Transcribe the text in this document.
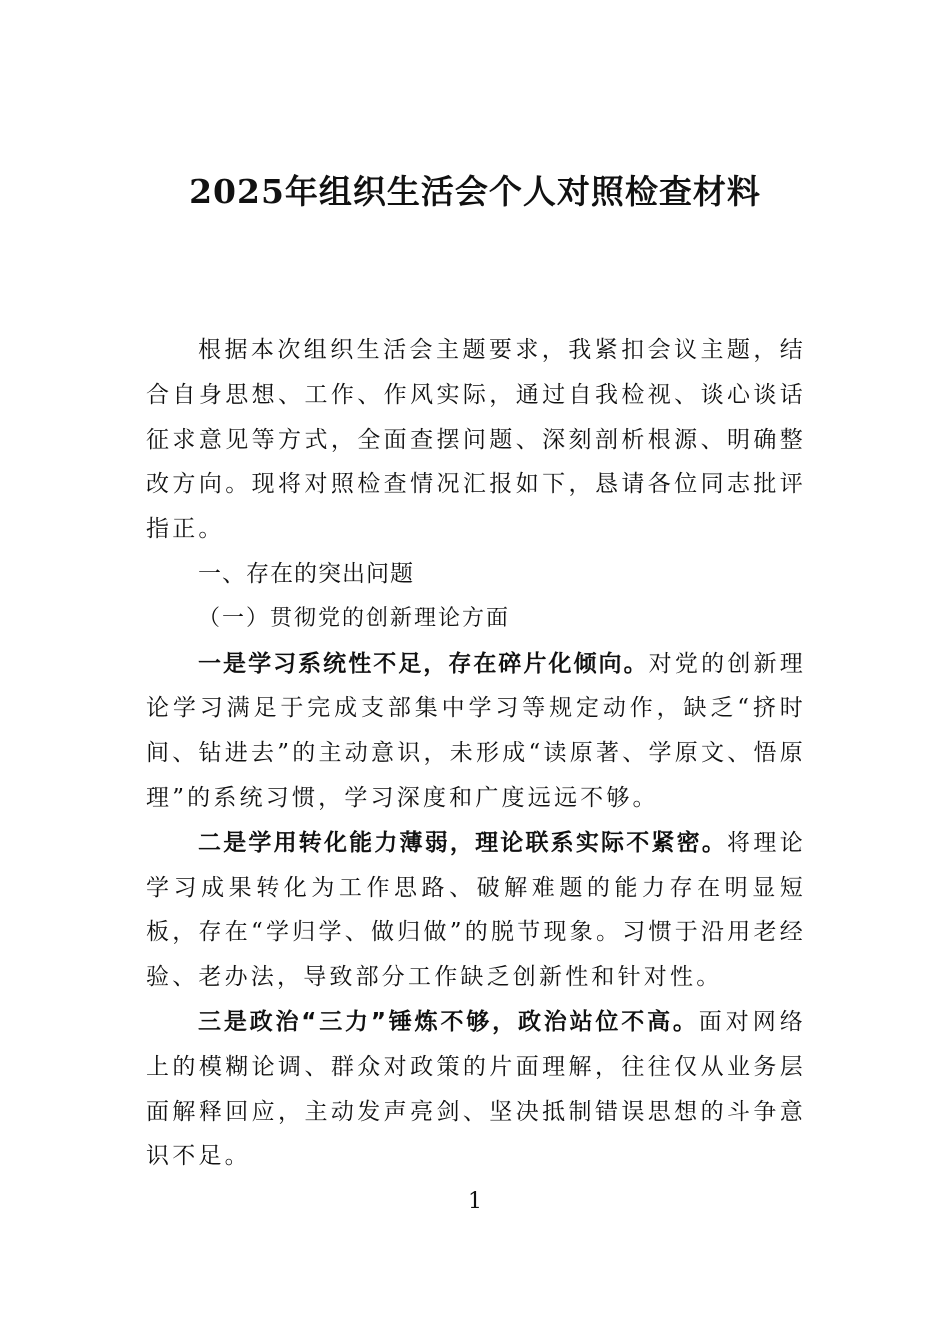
2025年组织生活会个人对照检查材料

根据本次组织生活会主题要求，我紧扣会议主题，结合自身思想、工作、作风实际，通过自我检视、谈心谈话征求意见等方式，全面查摆问题、深刻剖析根源、明确整改方向。现将对照检查情况汇报如下，恳请各位同志批评指正。

一、存在的突出问题

（一）贯彻党的创新理论方面

一是学习系统性不足，存在碎片化倾向。对党的创新理论学习满足于完成支部集中学习等规定动作，缺乏“挤时间、钻进去”的主动意识，未形成“读原著、学原文、悟原理”的系统习惯，学习深度和广度远远不够。

二是学用转化能力薄弱，理论联系实际不紧密。将理论学习成果转化为工作思路、破解难题的能力存在明显短板，存在“学归学、做归做”的脱节现象。习惯于沿用老经验、老办法，导致部分工作缺乏创新性和针对性。

三是政治“三力”锤炼不够，政治站位不高。面对网络上的模糊论调、群众对政策的片面理解，往往仅从业务层面解释回应，主动发声亮剑、坚决抵制错误思想的斗争意识不足。

1
